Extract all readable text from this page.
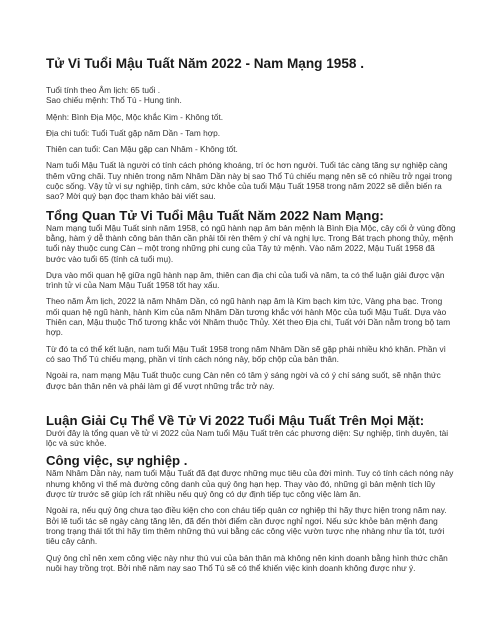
Tử Vi Tuổi Mậu Tuất Năm 2022 - Nam Mạng 1958 .

Tuổi tính theo Âm lịch: 65 tuổi .

Sao chiếu mệnh: Thổ Tú - Hung tinh.

Mệnh: Bình Địa Mộc, Mộc khắc Kim - Không tốt.

Địa chi tuổi: Tuổi Tuất gặp năm Dần - Tam hợp.

Thiên can tuổi: Can Mậu gặp can Nhâm - Không tốt.

Nam tuổi Mậu Tuất là người có tính cách phóng khoáng, trí óc hơn người. Tuổi tác càng tăng sự nghiệp càng thêm vững chãi. Tuy nhiên trong năm Nhâm Dần này bị sao Thổ Tú chiếu mạng nên sẽ có nhiều trở ngại trong cuộc sống. Vậy tử vi sự nghiệp, tình cảm, sức khỏe của tuổi Mậu Tuất 1958 trong năm 2022 sẽ diễn biến ra sao? Mời quý bạn đọc tham khảo bài viết sau.

Tổng Quan Tử Vi Tuổi Mậu Tuất Năm 2022 Nam Mạng:

Nam mạng tuổi Mậu Tuất sinh năm 1958, có ngũ hành nạp âm bản mệnh là Bình Địa Mộc, cây cối ở vùng đồng bằng, hàm ý dễ thành công bản thân cần phải tôi rèn thêm ý chí và nghị lực. Trong Bát trạch phong thủy, mệnh tuổi này thuộc cung Càn – một trong những phi cung của Tây tứ mệnh. Vào năm 2022, Mậu Tuất 1958 đã bước vào tuổi 65 (tính cả tuổi mụ).

Dựa vào mối quan hệ giữa ngũ hành nạp âm, thiên can địa chi của tuổi và năm, ta có thể luận giải được vận trình tử vi của Nam Mậu Tuất 1958 tốt hay xấu.

Theo năm Âm lịch, 2022 là năm Nhâm Dần, có ngũ hành nạp âm là Kim bạch kim tức, Vàng pha bạc. Trong mối quan hệ ngũ hành, hành Kim của năm Nhâm Dần tương khắc với hành Mộc của tuổi Mậu Tuất. Dựa vào Thiên can, Mậu thuộc Thổ tương khắc với Nhâm thuộc Thủy. Xét theo Địa chi, Tuất với Dần nằm trong bộ tam hợp.

Từ đó ta có thể kết luận, nam tuổi Mậu Tuất 1958 trong năm Nhâm Dần sẽ gặp phải nhiều khó khăn. Phần vì có sao Thổ Tú chiếu mạng, phần vì tính cách nóng nảy, bốp chộp của bản thân.

Ngoài ra, nam mạng Mậu Tuất thuộc cung Càn nên có tâm ý sáng ngời và có ý chí sáng suốt, sẽ nhận thức được bản thân nên và phải làm gì để vượt những trắc trở này.

Luận Giải Cụ Thể Về Tử Vi 2022 Tuổi Mậu Tuất Trên Mọi Mặt:

Dưới đây là tổng quan về tử vi 2022 của Nam tuổi Mậu Tuất trên các phương diện: Sự nghiệp, tình duyên, tài lộc và sức khỏe.

Công việc, sự nghiệp .

Năm Nhâm Dần này, nam tuổi Mậu Tuất đã đạt được những mục tiêu của đời mình. Tuy có tính cách nóng nảy nhưng không vì thế mà đường công danh của quý ông hạn hẹp. Thay vào đó, những gì bản mệnh tích lũy được từ trước sẽ giúp ích rất nhiều nếu quý ông có dự định tiếp tục công việc làm ăn.

Ngoài ra, nếu quý ông chưa tạo điều kiện cho con cháu tiếp quản cơ nghiệp thì hãy thực hiện trong năm nay. Bởi lẽ tuổi tác sẽ ngày càng tăng lên, đã đến thời điểm cần được nghỉ ngơi. Nếu sức khỏe bản mệnh đang trong trạng thái tốt thì hãy tìm thêm những thú vui bằng các công việc vườn tược nhẹ nhàng như tỉa tót, tưới tiêu cây cảnh.

Quý ông chỉ nên xem công việc này như thú vui của bản thân mà không nên kinh doanh bằng hình thức chăn nuôi hay trồng trọt. Bởi nhẽ năm nay sao Thổ Tú sẽ có thể khiến việc kinh doanh không được như ý.
